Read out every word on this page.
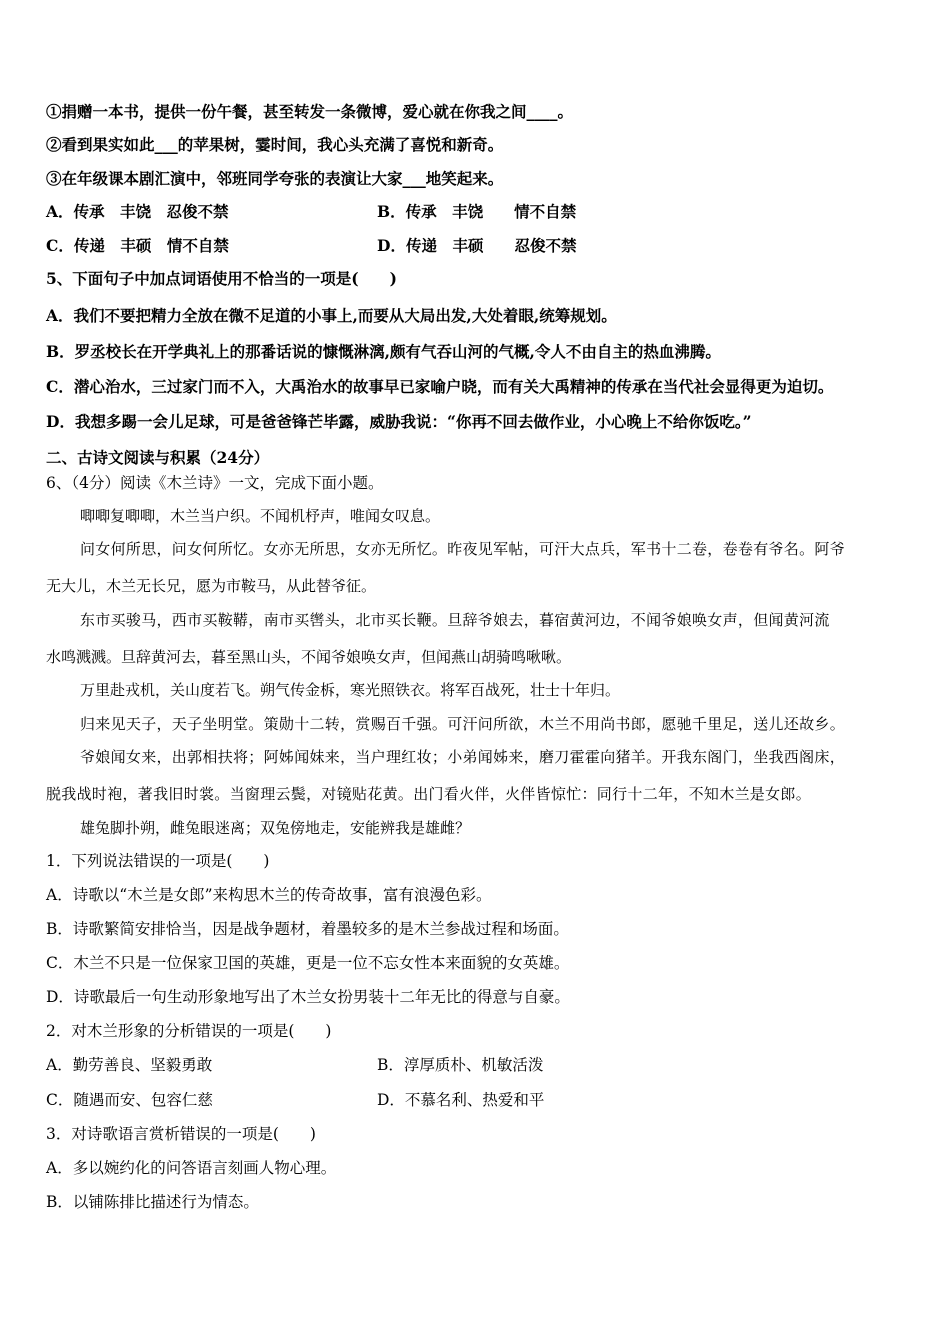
①捐赠一本书，提供一份午餐，甚至转发一条微博，爱心就在你我之间____。
②看到果实如此___的苹果树，霎时间，我心头充满了喜悦和新奇。
③在年级课本剧汇演中，邻班同学夸张的表演让大家___地笑起来。
A．传承　丰饶　忍俊不禁	B．传承　丰饶　　情不自禁
C．传递　丰硕　情不自禁	D．传递　丰硕　　忍俊不禁
5、下面句子中加点词语使用不恰当的一项是(　　)
A．我们不要把精力全放在微不足道的小事上,而要从大局出发,大处着眼,统筹规划。
B．罗丞校长在开学典礼上的那番话说的慷慨淋漓,颇有气吞山河的气概,令人不由自主的热血沸腾。
C．潜心治水，三过家门而不入，大禹治水的故事早已家喻户晓，而有关大禹精神的传承在当代社会显得更为迫切。
D．我想多踢一会儿足球，可是爸爸锋芒毕露，威胁我说：“你再不回去做作业，小心晚上不给你饭吃。”
二、古诗文阅读与积累（24分）
6、（4分）阅读《木兰诗》一文，完成下面小题。
唧唧复唧唧，木兰当户织。不闻机杼声，唯闻女叹息。
问女何所思，问女何所忆。女亦无所思，女亦无所忆。昨夜见军帖，可汗大点兵，军书十二卷，卷卷有爷名。阿爷
无大儿，木兰无长兄，愿为市鞍马，从此替爷征。
东市买骏马，西市买鞍鞯，南市买辔头，北市买长鞭。旦辞爷娘去，暮宿黄河边，不闻爷娘唤女声，但闻黄河流
水鸣溅溅。旦辞黄河去，暮至黑山头，不闻爷娘唤女声，但闻燕山胡骑鸣啾啾。
万里赴戎机，关山度若飞。朔气传金柝，寒光照铁衣。将军百战死，壮士十年归。
归来见天子，天子坐明堂。策勋十二转，赏赐百千强。可汗问所欲，木兰不用尚书郎，愿驰千里足，送儿还故乡。
爷娘闻女来，出郭相扶将；阿姊闻妹来，当户理红妆；小弟闻姊来，磨刀霍霍向猪羊。开我东阁门，坐我西阁床，
脱我战时袍，著我旧时裳。当窗理云鬓，对镜贴花黄。出门看火伴，火伴皆惊忙：同行十二年，不知木兰是女郎。
雄兔脚扑朔，雌兔眼迷离；双兔傍地走，安能辨我是雄雌？
1．下列说法错误的一项是(　　)
A．诗歌以“木兰是女郎”来构思木兰的传奇故事，富有浪漫色彩。
B．诗歌繁简安排恰当，因是战争题材，着墨较多的是木兰参战过程和场面。
C．木兰不只是一位保家卫国的英雄，更是一位不忘女性本来面貌的女英雄。
D．诗歌最后一句生动形象地写出了木兰女扮男装十二年无比的得意与自豪。
2．对木兰形象的分析错误的一项是(　　)
A．勤劳善良、坚毅勇敢	B．淳厚质朴、机敏活泼
C．随遇而安、包容仁慈	D．不慕名利、热爱和平
3．对诗歌语言赏析错误的一项是(　　)
A．多以婉约化的问答语言刻画人物心理。
B．以铺陈排比描述行为情态。
